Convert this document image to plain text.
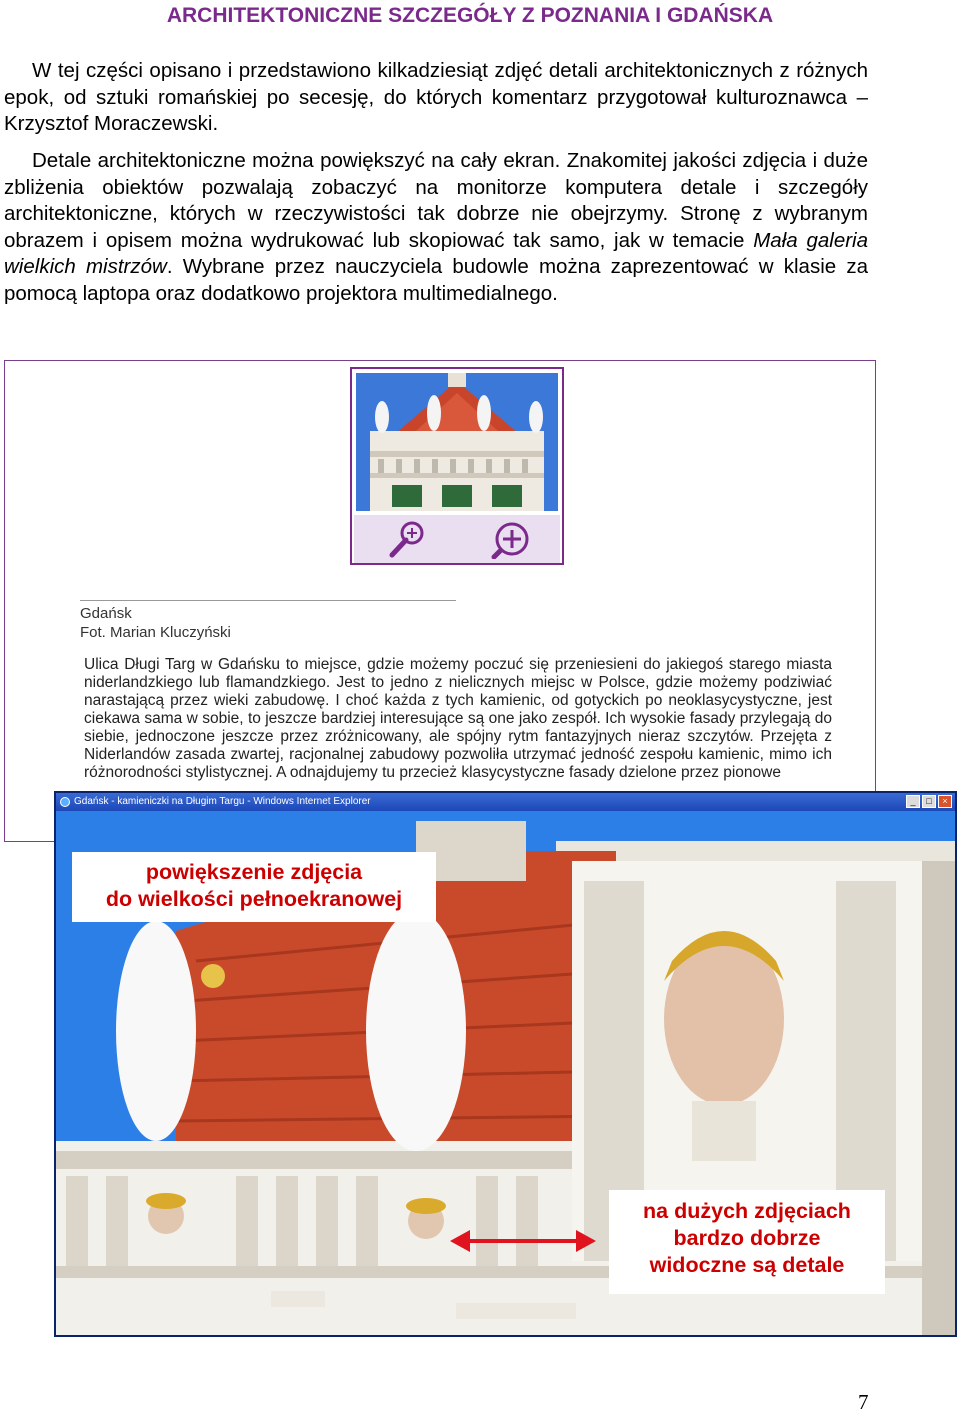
ARCHITEKTONICZNE SZCZEGÓŁY Z POZNANIA I GDAŃSKA

W tej części opisano i przedstawiono kilkadziesiąt zdjęć detali architektonicznych z różnych epok, od sztuki romańskiej po secesję, do których komentarz przygotował kulturoznawca – Krzysztof Moraczewski.

Detale architektoniczne można powiększyć na cały ekran. Znakomitej jakości zdjęcia i duże zbliżenia obiektów pozwalają zobaczyć na monitorze komputera detale i szczegóły architektoniczne, których w rzeczywistości tak dobrze nie obejrzymy. Stronę z wybranym obrazem i opisem można wydrukować lub skopiować tak samo, jak w temacie Mała galeria wielkich mistrzów. Wybrane przez nauczyciela budowle można zaprezentować w klasie za pomocą laptopa oraz dodatkowo projektora multimedialnego.

Gdańsk
Fot. Marian Kluczyński
Ulica Długi Targ w Gdańsku to miejsce, gdzie możemy poczuć się przeniesieni do jakiegoś starego miasta niderlandzkiego lub flamandzkiego. Jest to jedno z nielicznych miejsc w Polsce, gdzie możemy podziwiać narastającą przez wieki zabudowę. I choć każda z tych kamienic, od gotyckich po neoklasycystyczne, jest ciekawa sama w sobie, to jeszcze bardziej interesujące są one jako zespół. Ich wysokie fasady przylegają do siebie, jednoczone jeszcze przez zróżnicowany, ale spójny rytm fantazyjnych nieraz szczytów. Przejęta z Niderlandów zasada zwartej, racjonalnej zabudowy pozwoliła utrzymać jedność zespołu kamienic, mimo ich różnorodności stylistycznej. A odnajdujemy tu przecież klasycystyczne fasady dzielone przez pionowe
Gdańsk - kamieniczki na Długim Targu - Windows Internet Explorer	_	□	×
powiększenie zdjęcia
do wielkości pełnoekranowej
na dużych zdjęciach
bardzo dobrze
widoczne są detale
7
